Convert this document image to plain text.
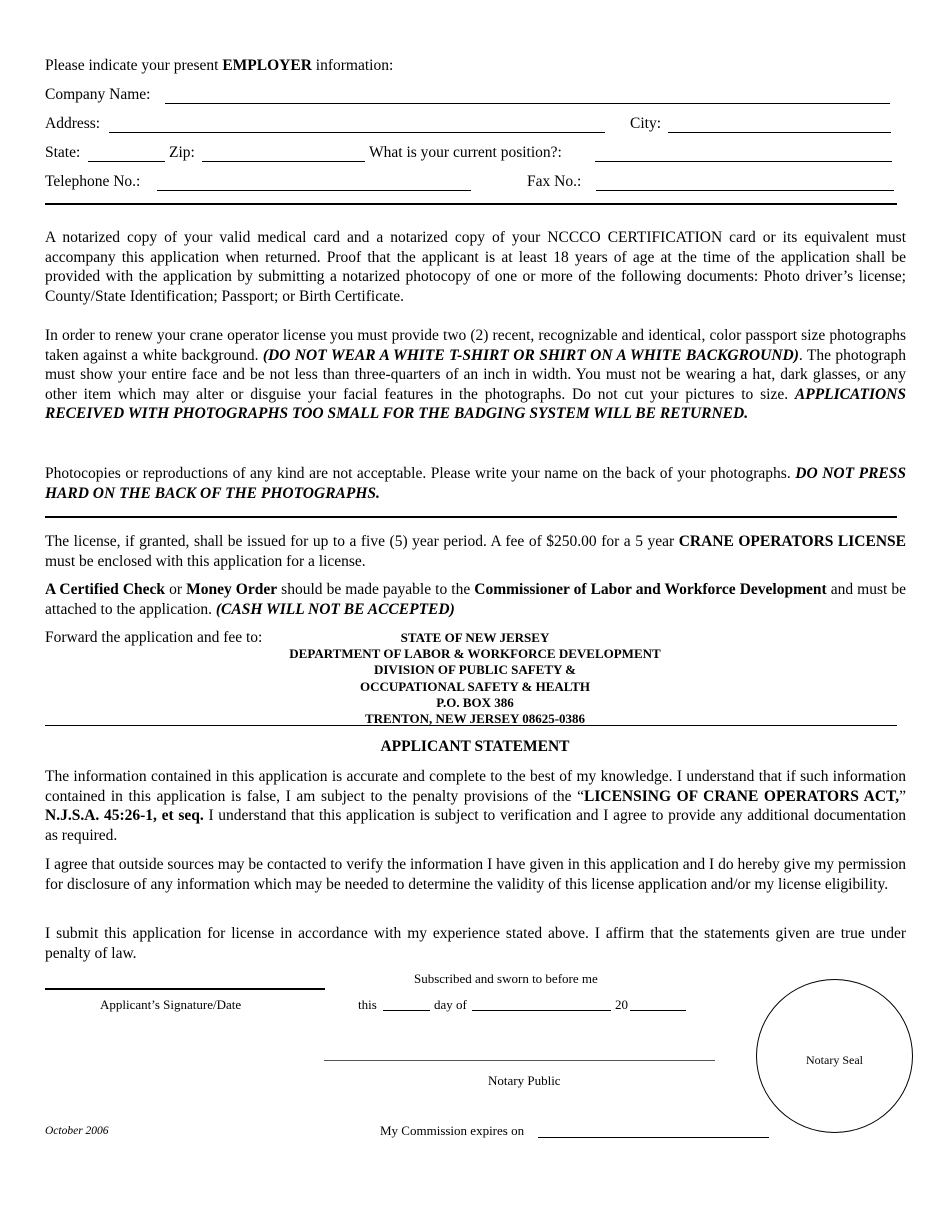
Please indicate your present EMPLOYER information:
Company Name:
Address:	City:
State:	Zip:	What is your current position?:
Telephone No.:	Fax No.:

A notarized copy of your valid medical card and a notarized copy of your NCCCO CERTIFICATION card or its equivalent must accompany this application when returned. Proof that the applicant is at least 18 years of age at the time of the application shall be provided with the application by submitting a notarized photocopy of one or more of the following documents: Photo driver’s license; County/State Identification; Passport; or Birth Certificate.

In order to renew your crane operator license you must provide two (2) recent, recognizable and identical, color passport size photographs taken against a white background. (DO NOT WEAR A WHITE T-SHIRT OR SHIRT ON A WHITE BACKGROUND). The photograph must show your entire face and be not less than three-quarters of an inch in width. You must not be wearing a hat, dark glasses, or any other item which may alter or disguise your facial features in the photographs. Do not cut your pictures to size. APPLICATIONS RECEIVED WITH PHOTOGRAPHS TOO SMALL FOR THE BADGING SYSTEM WILL BE RETURNED.

Photocopies or reproductions of any kind are not acceptable. Please write your name on the back of your photographs. DO NOT PRESS HARD ON THE BACK OF THE PHOTOGRAPHS.

The license, if granted, shall be issued for up to a five (5) year period. A fee of $250.00 for a 5 year CRANE OPERATORS LICENSE must be enclosed with this application for a license.

A Certified Check or Money Order should be made payable to the Commissioner of Labor and Workforce Development and must be attached to the application. (CASH WILL NOT BE ACCEPTED)

Forward the application and fee to:	STATE OF NEW JERSEY
DEPARTMENT OF LABOR & WORKFORCE DEVELOPMENT
DIVISION OF PUBLIC SAFETY &
OCCUPATIONAL SAFETY & HEALTH
P.O. BOX 386
TRENTON, NEW JERSEY 08625-0386
APPLICANT STATEMENT

The information contained in this application is accurate and complete to the best of my knowledge. I understand that if such information contained in this application is false, I am subject to the penalty provisions of the “LICENSING OF CRANE OPERATORS ACT,” N.J.S.A. 45:26-1, et seq. I understand that this application is subject to verification and I agree to provide any additional documentation as required.

I agree that outside sources may be contacted to verify the information I have given in this application and I do hereby give my permission for disclosure of any information which may be needed to determine the validity of this license application and/or my license eligibility.

I submit this application for license in accordance with my experience stated above. I affirm that the statements given are true under penalty of law.

Subscribed and sworn to before me
Applicant’s Signature/Date	this	day of	20
Notary Public
Notary Seal
My Commission expires on
October 2006
